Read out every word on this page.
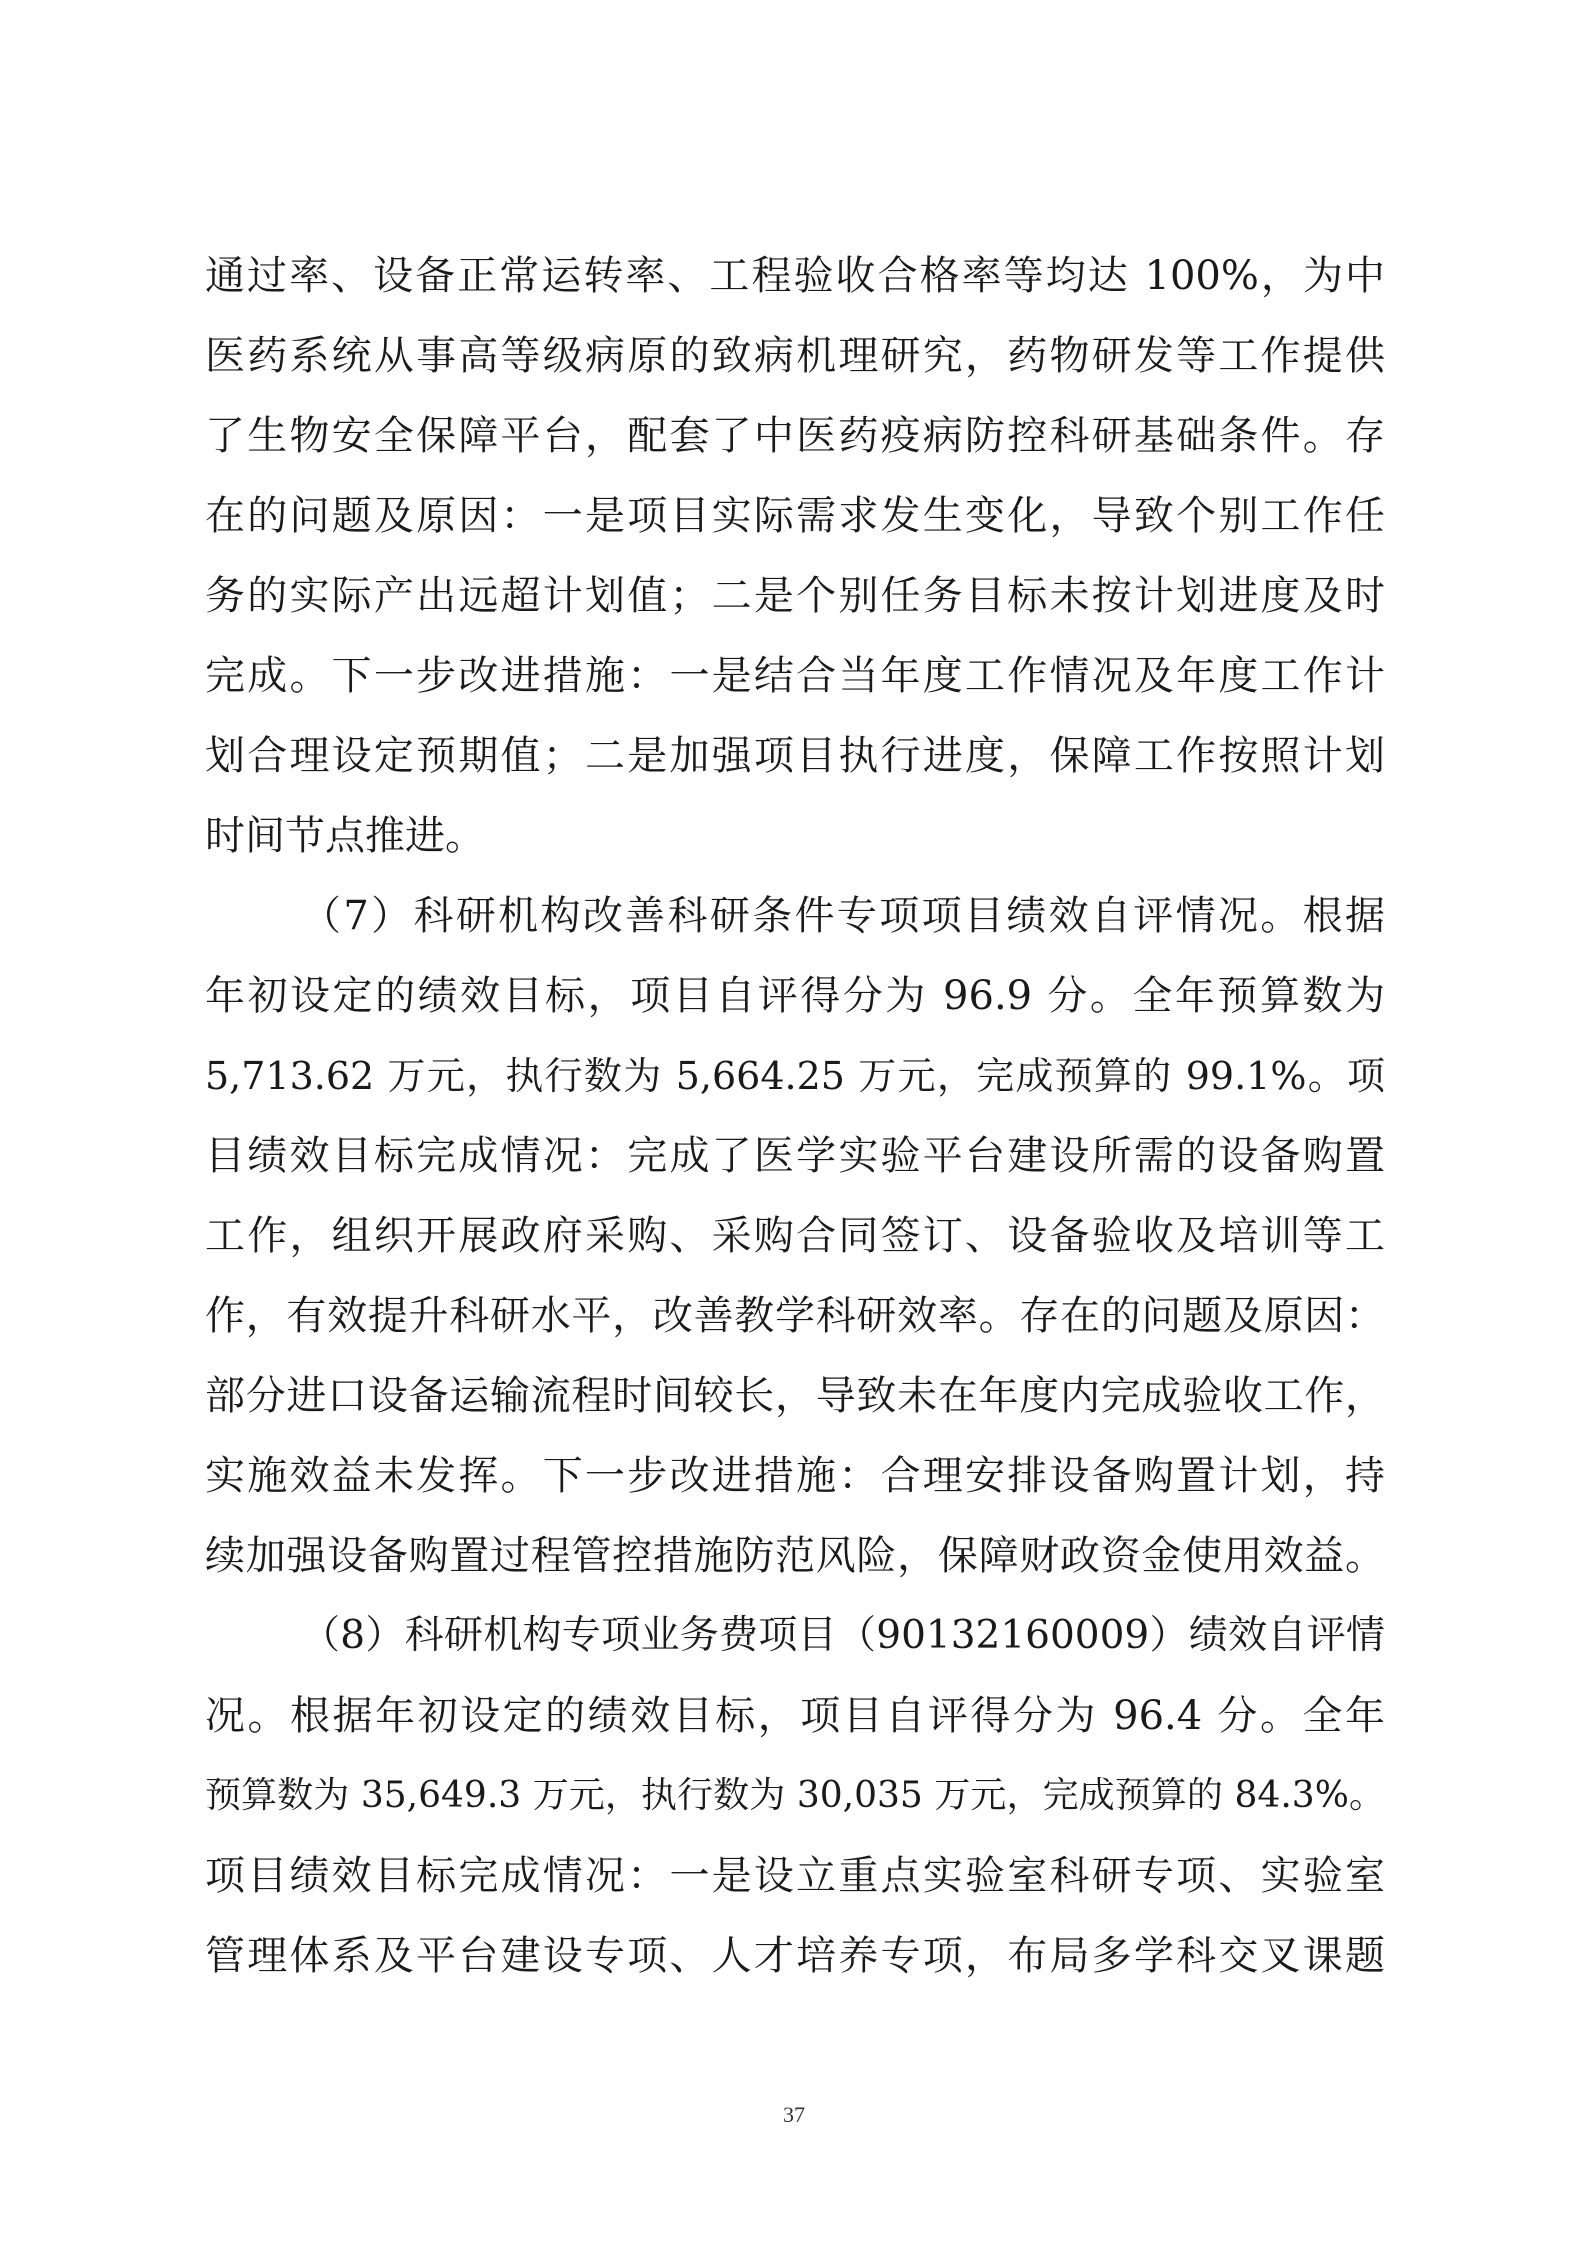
通过率、设备正常运转率、工程验收合格率等均达 100%，为中
医药系统从事高等级病原的致病机理研究，药物研发等工作提供
了生物安全保障平台，配套了中医药疫病防控科研基础条件。存
在的问题及原因：一是项目实际需求发生变化，导致个别工作任
务的实际产出远超计划值；二是个别任务目标未按计划进度及时
完成。下一步改进措施：一是结合当年度工作情况及年度工作计
划合理设定预期值；二是加强项目执行进度，保障工作按照计划
时间节点推进。
（7）科研机构改善科研条件专项项目绩效自评情况。根据
年初设定的绩效目标，项目自评得分为 96.9 分。全年预算数为
5,713.62 万元，执行数为 5,664.25 万元，完成预算的 99.1%。项
目绩效目标完成情况：完成了医学实验平台建设所需的设备购置
工作，组织开展政府采购、采购合同签订、设备验收及培训等工
作，有效提升科研水平，改善教学科研效率。存在的问题及原因：
部分进口设备运输流程时间较长，导致未在年度内完成验收工作，
实施效益未发挥。下一步改进措施：合理安排设备购置计划，持
续加强设备购置过程管控措施防范风险，保障财政资金使用效益。
（8）科研机构专项业务费项目（90132160009）绩效自评情
况。根据年初设定的绩效目标，项目自评得分为 96.4 分。全年
预算数为 35,649.3 万元，执行数为 30,035 万元，完成预算的 84.3%。
项目绩效目标完成情况：一是设立重点实验室科研专项、实验室
管理体系及平台建设专项、人才培养专项，布局多学科交叉课题
37
